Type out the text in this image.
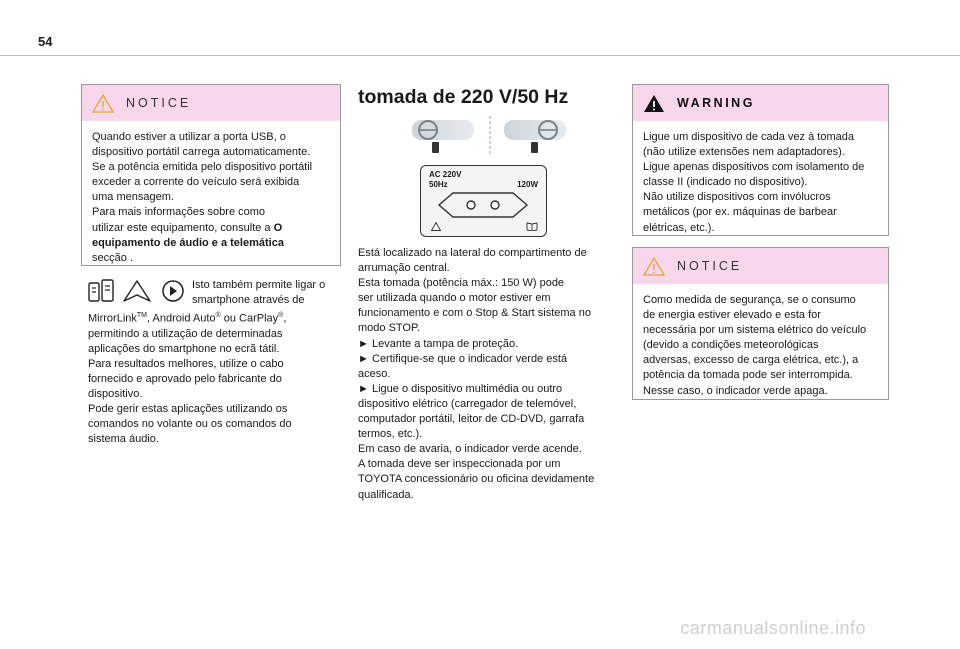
54
NOTICE

Quando estiver a utilizar a porta USB, o

dispositivo portátil carrega automaticamente.

Se a potência emitida pelo dispositivo portátil

exceder a corrente do veículo será exibida

uma mensagem.

Para mais informações sobre como

utilizar este equipamento, consulte a O

equipamento de áudio e a telemática

secção .

Isto também permite ligar o

smartphone através de

MirrorLink™, Android Auto® ou CarPlay®,

permitindo a utilização de determinadas

aplicações do smartphone no ecrã tátil.

Para resultados melhores, utilize o cabo

fornecido e aprovado pelo fabricante do

dispositivo.

Pode gerir estas aplicações utilizando os

comandos no volante ou os comandos do

sistema áudio.

tomada de 220 V/50 Hz
AC 220V
50Hz	120W

Está localizado na lateral do compartimento de

arrumação central.

Esta tomada (potência máx.: 150 W) pode

ser utilizada quando o motor estiver em

funcionamento e com o Stop & Start sistema no

modo STOP.

► Levante a tampa de proteção.

► Certifique-se que o indicador verde está

aceso.

► Ligue o dispositivo multimédia ou outro

dispositivo elétrico (carregador de telemóvel,

computador portátil, leitor de CD-DVD, garrafa

termos, etc.).

Em caso de avaria, o indicador verde acende.

A tomada deve ser inspeccionada por um

TOYOTA concessionário ou oficina devidamente

qualificada.

WARNING

Ligue um dispositivo de cada vez à tomada

(não utilize extensões nem adaptadores).

Ligue apenas dispositivos com isolamento de

classe II (indicado no dispositivo).

Não utilize dispositivos com invólucros

metálicos (por ex. máquinas de barbear

elétricas, etc.).

NOTICE

Como medida de segurança, se o consumo

de energia estiver elevado e esta for

necessária por um sistema elétrico do veículo

(devido a condições meteorológicas

adversas, excesso de carga elétrica, etc.), a

potência da tomada pode ser interrompida.

Nesse caso, o indicador verde apaga.

carmanualsonline.info
